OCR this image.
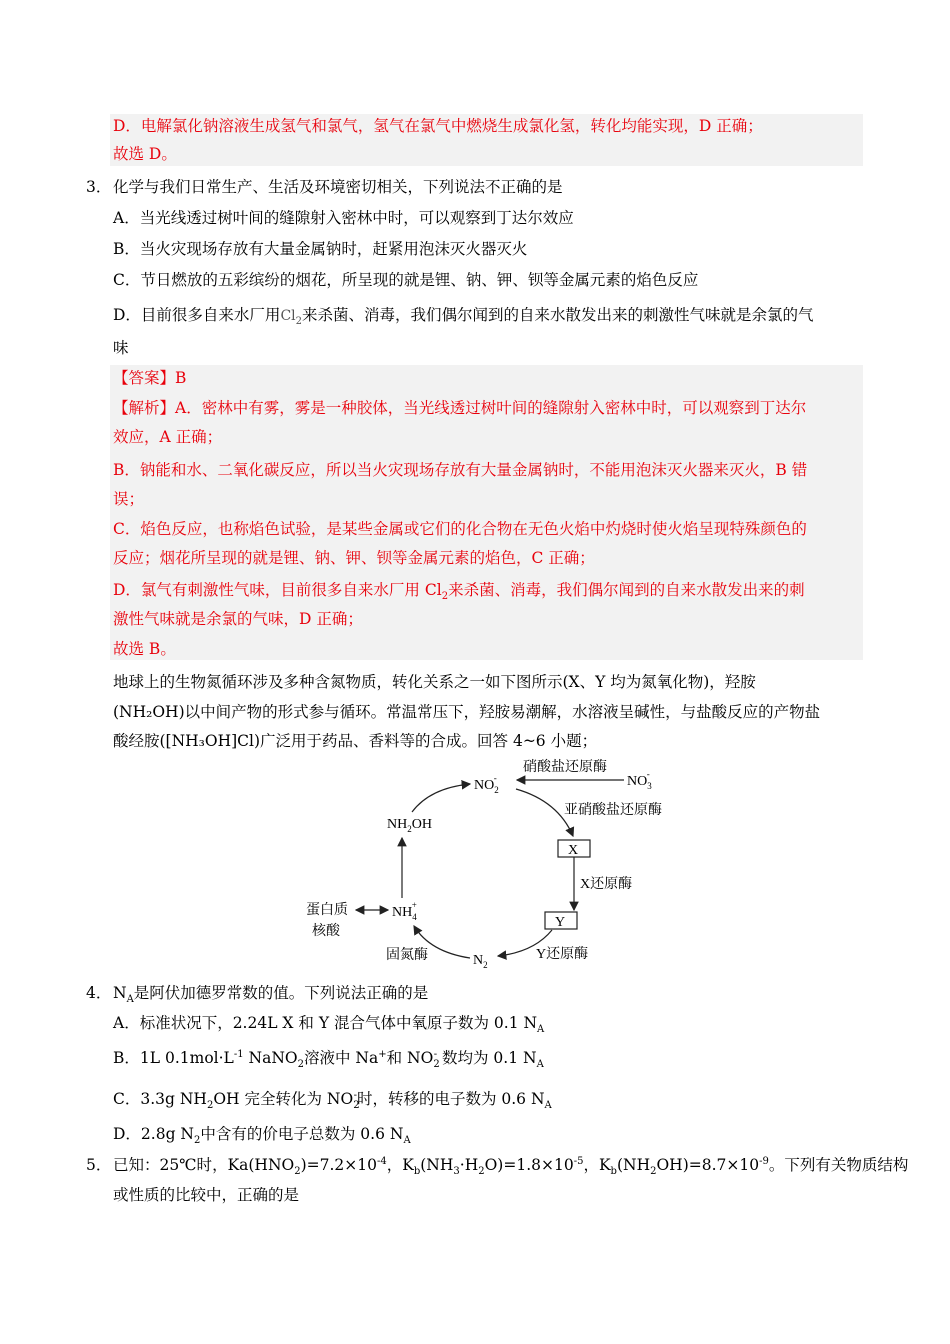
D．电解氯化钠溶液生成氢气和氯气，氢气在氯气中燃烧生成氯化氢，转化均能实现，D 正确；
故选 D。
3． 化学与我们日常生产、生活及环境密切相关，下列说法不正确的是
A．当光线透过树叶间的缝隙射入密林中时，可以观察到丁达尔效应
B．当火灾现场存放有大量金属钠时，赶紧用泡沫灭火器灭火
C．节日燃放的五彩缤纷的烟花，所呈现的就是锂、钠、钾、钡等金属元素的焰色反应
D．目前很多自来水厂用$Cl_2$来杀菌、消毒，我们偶尔闻到的自来水散发出来的刺激性气味就是余氯的气
味
【答案】B
【解析】A．密林中有雾，雾是一种胶体，当光线透过树叶间的缝隙射入密林中时，可以观察到丁达尔
效应，A 正确；
B．钠能和水、二氧化碳反应，所以当火灾现场存放有大量金属钠时，不能用泡沫灭火器来灭火，B 错
误；
C．焰色反应，也称焰色试验，是某些金属或它们的化合物在无色火焰中灼烧时使火焰呈现特殊颜色的
反应；烟花所呈现的就是锂、钠、钾、钡等金属元素的焰色，C 正确；
D．氯气有刺激性气味，目前很多自来水厂用 $Cl_2$来杀菌、消毒，我们偶尔闻到的自来水散发出来的刺
激性气味就是余氯的气味，D 正确；
故选 B。
地球上的生物氮循环涉及多种含氮物质，转化关系之一如下图所示(X、Y 均为氮氧化物)，羟胺
(NH₂OH)以中间产物的形式参与循环。常温常压下，羟胺易潮解，水溶液呈碱性，与盐酸反应的产物盐
酸经胺([NH₃OH]Cl)广泛用于药品、香料等的合成。回答 4~6 小题；
$NO_2-$	$NO_3-$
硝酸盐还原酶
亚硝酸盐还原酶
X
X还原酶
Y
Y还原酶
$N_2$
固氮酶
$NH_4+$
蛋白质
核酸
$NH_2OH$
4． $N_A$是阿伏加德罗常数的值。下列说法正确的是
A．标准状况下，2.24L X 和 Y 混合气体中氧原子数为 0.1 $N_A$
B．1L $0.1mol\cdot L^{-1}$ NaNO$_2$溶液中 Na+和 $NO_2^-$ 数均为 0.1 $N_A$
C．3.3g $NH_2OH$ 完全转化为 $NO_2^-$时，转移的电子数为 0.6 $N_A$
D．2.8g $N_2$中含有的价电子总数为 0.6 $N_A$
5． 已知：25℃时，$Ka(HNO_2)=7.2\times 10^{-4}$，$K_b(NH_3\cdot H_2O)=1.8\times 10^{-5}$，$K_b(NH_2OH)=8.7\times 10^{-9}$。下列有关物质结构
或性质的比较中，正确的是
